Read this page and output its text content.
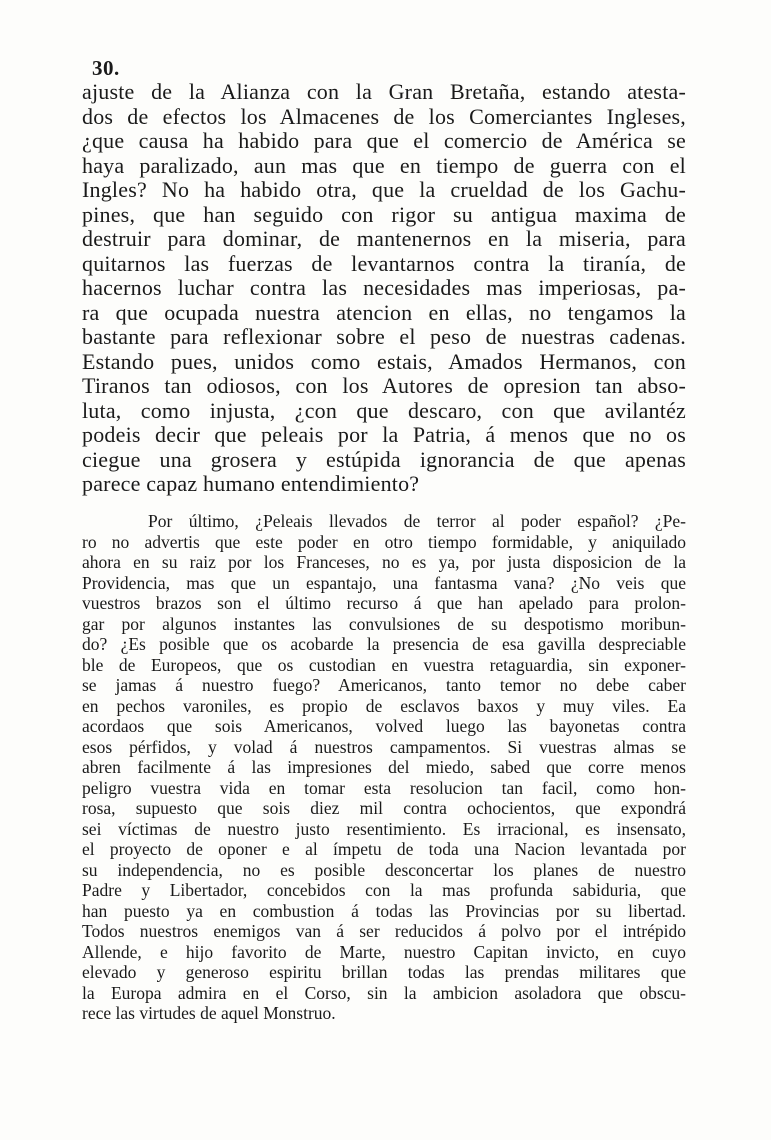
30.
ajuste de la Alianza con la Gran Bretaña, estando atesta-
dos de efectos los Almacenes de los Comerciantes Ingleses,
¿que causa ha habido para que el comercio de América se
haya paralizado, aun mas que en tiempo de guerra con el
Ingles? No ha habido otra, que la crueldad de los Gachu-
pines, que han seguido con rigor su antigua maxima de
destruir para dominar, de mantenernos en la miseria, para
quitarnos las fuerzas de levantarnos contra la tiranía, de
hacernos luchar contra las necesidades mas imperiosas, pa-
ra que ocupada nuestra atencion en ellas, no tengamos la
bastante para reflexionar sobre el peso de nuestras cadenas.
Estando pues, unidos como estais, Amados Hermanos, con
Tiranos tan odiosos, con los Autores de opresion tan abso-
luta, como injusta, ¿con que descaro, con que avilantéz
podeis decir que peleais por la Patria, á menos que no os
ciegue una grosera y estúpida ignorancia de que apenas
parece capaz humano entendimiento?
Por último, ¿Peleais llevados de terror al poder español? ¿Pe-
ro no advertis que este poder en otro tiempo formidable, y aniquilado
ahora en su raiz por los Franceses, no es ya, por justa disposicion de la
Providencia, mas que un espantajo, una fantasma vana? ¿No veis que
vuestros brazos son el último recurso á que han apelado para prolon-
gar por algunos instantes las convulsiones de su despotismo moribun-
do? ¿Es posible que os acobarde la presencia de esa gavilla despreciable
ble de Europeos, que os custodian en vuestra retaguardia, sin exponer-
se jamas á nuestro fuego? Americanos, tanto temor no debe caber
en pechos varoniles, es propio de esclavos baxos y muy viles. Ea
acordaos que sois Americanos, volved luego las bayonetas contra
esos pérfidos, y volad á nuestros campamentos. Si vuestras almas se
abren facilmente á las impresiones del miedo, sabed que corre menos
peligro vuestra vida en tomar esta resolucion tan facil, como hon-
rosa, supuesto que sois diez mil contra ochocientos, que expondrá
sei víctimas de nuestro justo resentimiento. Es irracional, es insensato,
el proyecto de oponer e al ímpetu de toda una Nacion levantada por
su independencia, no es posible desconcertar los planes de nuestro
Padre y Libertador, concebidos con la mas profunda sabiduria, que
han puesto ya en combustion á todas las Provincias por su libertad.
Todos nuestros enemigos van á ser reducidos á polvo por el intrépido
Allende, e hijo favorito de Marte, nuestro Capitan invicto, en cuyo
elevado y generoso espiritu brillan todas las prendas militares que
la Europa admira en el Corso, sin la ambicion asoladora que obscu-
rece las virtudes de aquel Monstruo.
